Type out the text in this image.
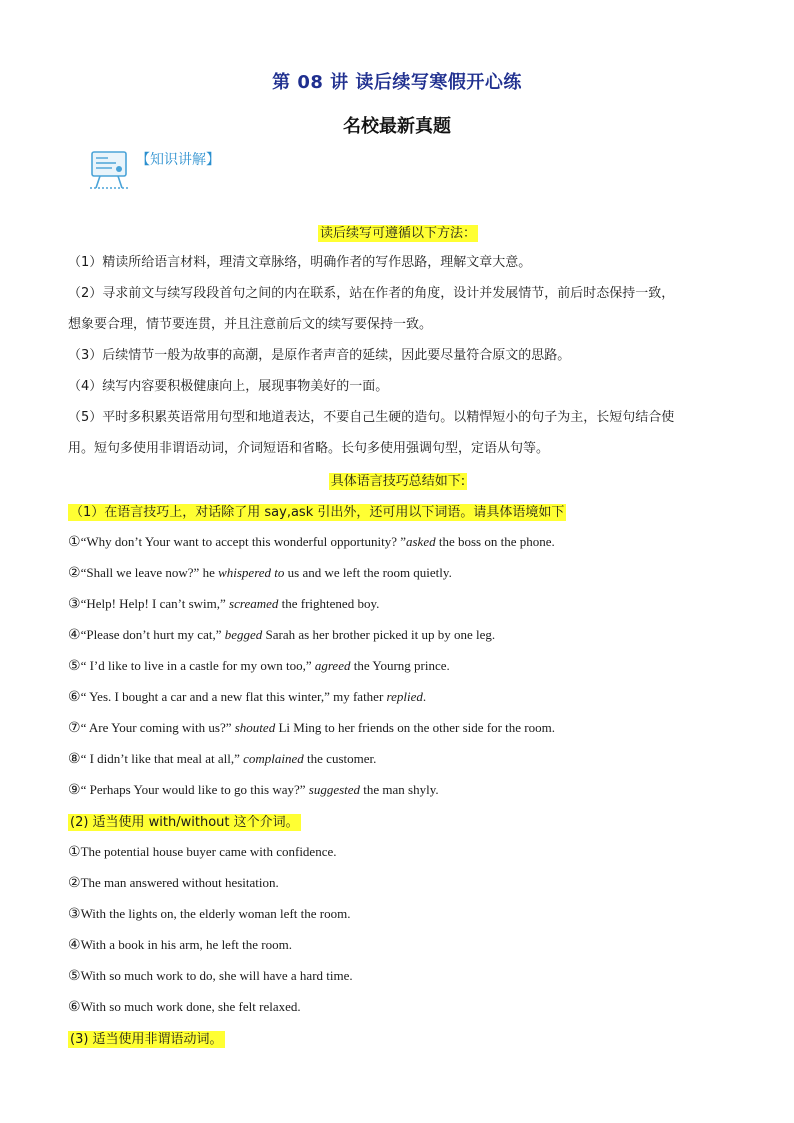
第 08 讲 读后续写寒假开心练
名校最新真题
【知识讲解】
读后续写可遵循以下方法：
（1）精读所给语言材料，理清文章脉络，明确作者的写作思路，理解文章大意。
（2）寻求前文与续写段段首句之间的内在联系，站在作者的角度，设计并发展情节，前后时态保持一致，
想象要合理，情节要连贯，并且注意前后文的续写要保持一致。
（3）后续情节一般为故事的高潮，是原作者声音的延续，因此要尽量符合原文的思路。
（4）续写内容要积极健康向上，展现事物美好的一面。
（5）平时多积累英语常用句型和地道表达，不要自己生硬的造句。以精悍短小的句子为主，长短句结合使
用。短句多使用非谓语动词，介词短语和省略。长句多使用强调句型，定语从句等。
具体语言技巧总结如下:
（1）在语言技巧上，对话除了用 say,ask 引出外，还可用以下词语。请具体语境如下
①“Why don’t Your want to accept this wonderful opportunity? ”asked the boss on the phone.
②“Shall we leave now?” he whispered to us and we left the room quietly.
③“Help! Help! I can’t swim,” screamed the frightened boy.
④“Please don’t hurt my cat,” begged Sarah as her brother picked it up by one leg.
⑤“ I’d like to live in a castle for my own too,” agreed the Yourng prince.
⑥“ Yes. I bought a car and a new flat this winter,” my father replied.
⑦“ Are Your coming with us?” shouted Li Ming to her friends on the other side for the room.
⑧“ I didn’t like that meal at all,” complained the customer.
⑨“ Perhaps Your would like to go this way?” suggested the man shyly.
(2) 适当使用 with/without 这个介词。
①The potential house buyer came with confidence.
②The man answered without hesitation.
③With the lights on, the elderly woman left the room.
④With a book in his arm, he left the room.
⑤With so much work to do, she will have a hard time.
⑥With so much work done, she felt relaxed.
(3) 适当使用非谓语动词。
